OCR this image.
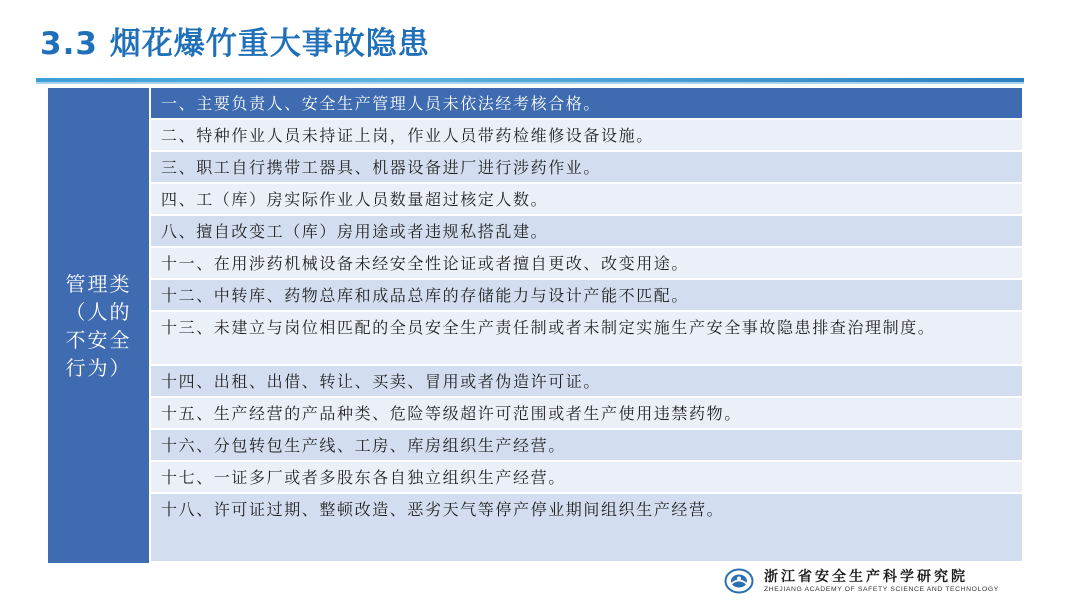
3.3 烟花爆竹重大事故隐患
管理类（人的
不安全
行为）
一、主要负责人、安全生产管理人员未依法经考核合格。
二、特种作业人员未持证上岗，作业人员带药检维修设备设施。
三、职工自行携带工器具、机器设备进厂进行涉药作业。
四、工（库）房实际作业人员数量超过核定人数。
八、擅自改变工（库）房用途或者违规私搭乱建。
十一、在用涉药机械设备未经安全性论证或者擅自更改、改变用途。
十二、中转库、药物总库和成品总库的存储能力与设计产能不匹配。
十三、未建立与岗位相匹配的全员安全生产责任制或者未制定实施生产安全事故隐患排查治理制度。
十四、出租、出借、转让、买卖、冒用或者伪造许可证。
十五、生产经营的产品种类、危险等级超许可范围或者生产使用违禁药物。
十六、分包转包生产线、工房、库房组织生产经营。
十七、一证多厂或者多股东各自独立组织生产经营。
十八、许可证过期、整顿改造、恶劣天气等停产停业期间组织生产经营。
浙江省安全生产科学研究院
ZHEJIANG ACADEMY OF SAFETY SCIENCE AND TECHNOLOGY
